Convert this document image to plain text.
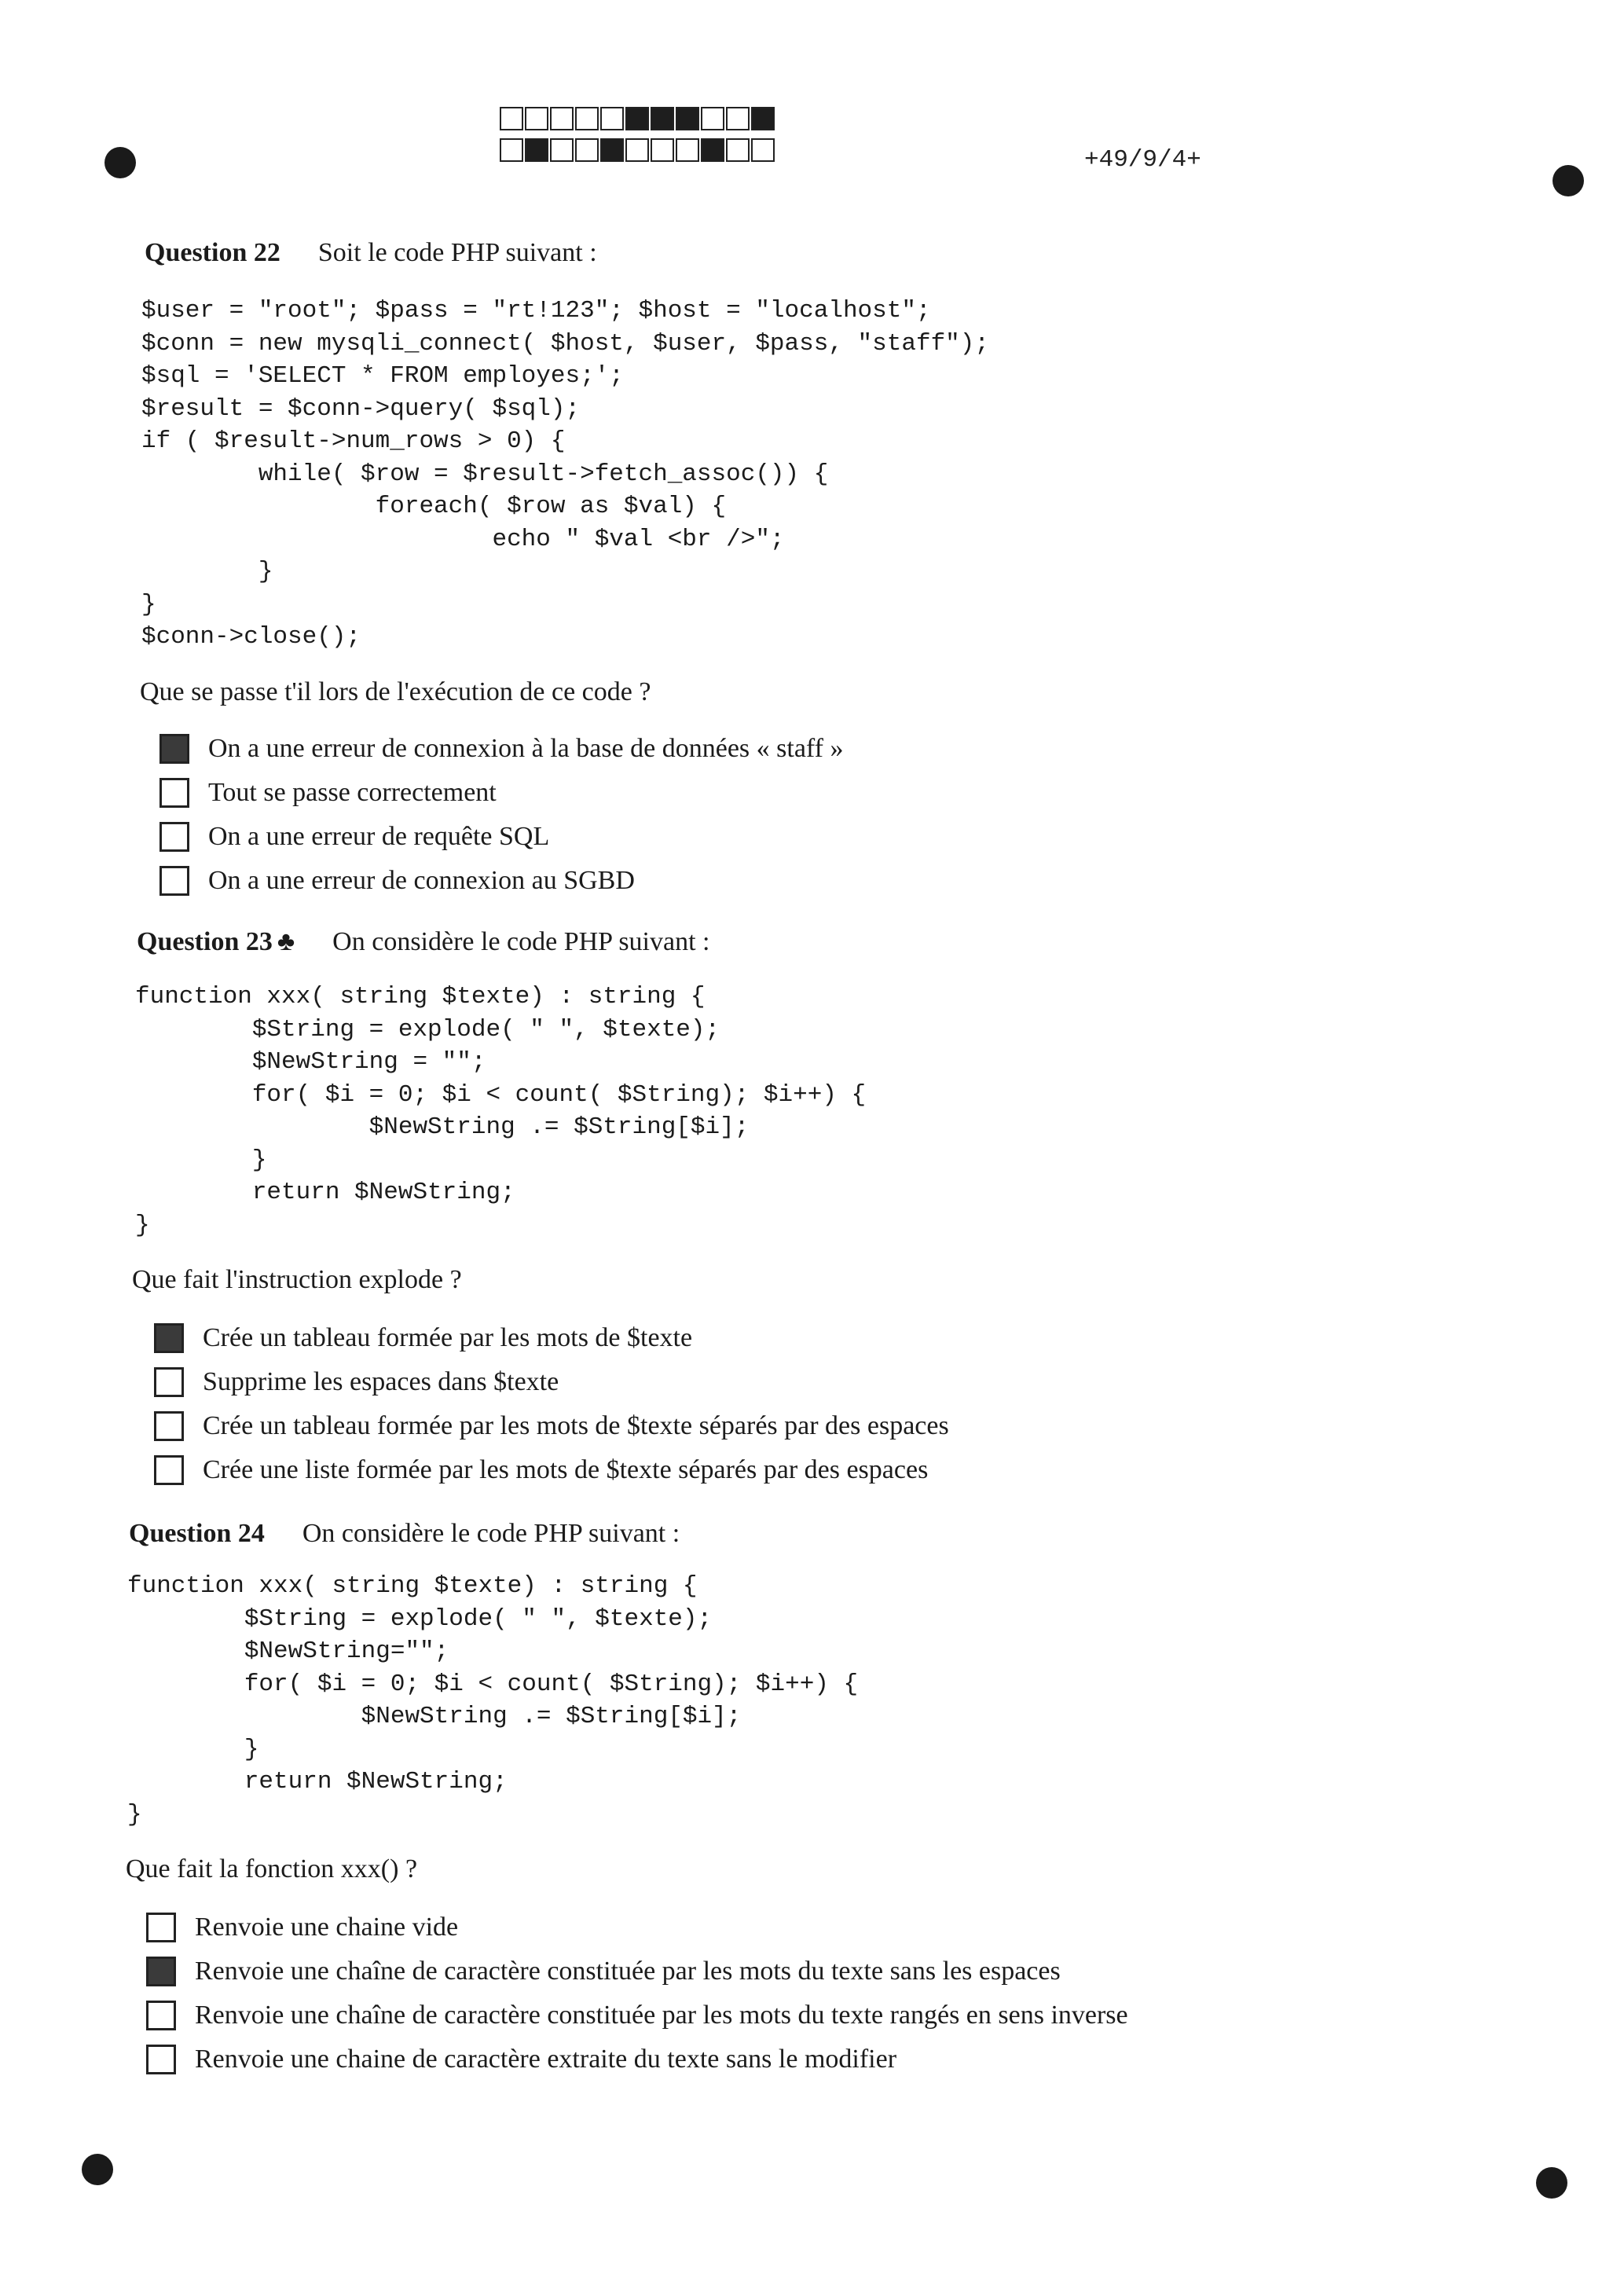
+49/9/4+
Question 22 Soit le code PHP suivant :
$user = "root"; $pass = "rt!123"; $host = "localhost";
$conn = new mysqli_connect( $host, $user, $pass, "staff");
$sql = 'SELECT * FROM employes;';
$result = $conn->query( $sql);
if ( $result->num_rows > 0) {
while( $row = $result->fetch_assoc()) {
foreach( $row as $val) {
echo " $val <br />";
}
}
$conn->close();
Que se passe t'il lors de l'exécution de ce code ?
On a une erreur de connexion à la base de données « staff »
Tout se passe correctement
On a une erreur de requête SQL
On a une erreur de connexion au SGBD
Question 23 ♣ On considère le code PHP suivant :
function xxx( string $texte) : string {
$String = explode( " ", $texte);
$NewString = "";
for( $i = 0; $i < count( $String); $i++) {
$NewString .= $String[$i];
}
return $NewString;
}
Que fait l'instruction explode ?
Crée un tableau formée par les mots de $texte
Supprime les espaces dans $texte
Crée un tableau formée par les mots de $texte séparés par des espaces
Crée une liste formée par les mots de $texte séparés par des espaces
Question 24 On considère le code PHP suivant :
function xxx( string $texte) : string {
$String = explode( " ", $texte);
$NewString="";
for( $i = 0; $i < count( $String); $i++) {
$NewString .= $String[$i];
}
return $NewString;
}
Que fait la fonction xxx() ?
Renvoie une chaine vide
Renvoie une chaîne de caractère constituée par les mots du texte sans les espaces
Renvoie une chaîne de caractère constituée par les mots du texte rangés en sens inverse
Renvoie une chaine de caractère extraite du texte sans le modifier
